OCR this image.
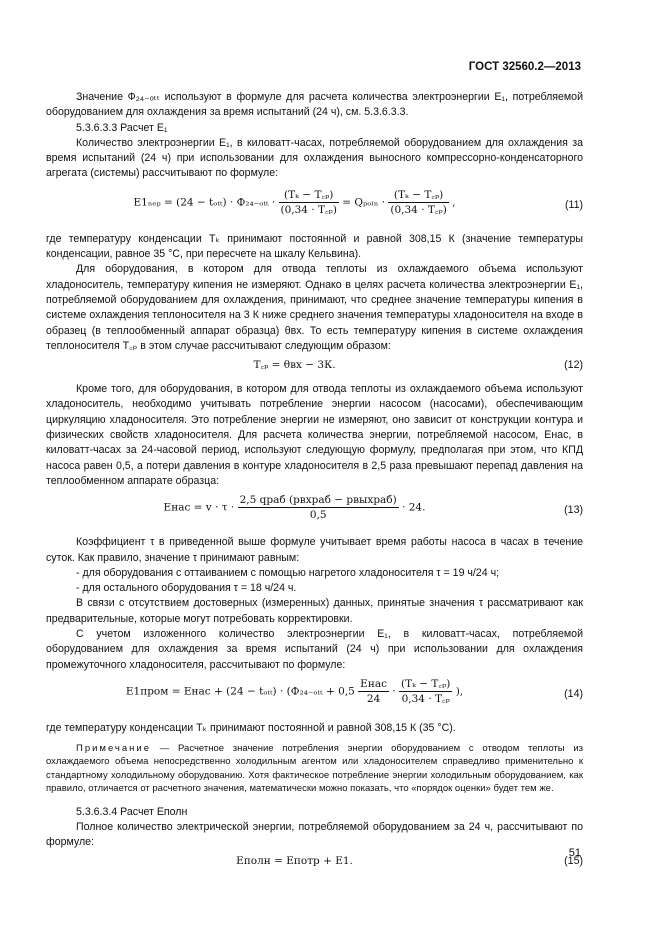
ГОСТ 32560.2—2013

Значение Ф₂₄₋ₒₜₜ используют в формуле для расчета количества электроэнергии E₁, потребляемой оборудованием для охлаждения за время испытаний (24 ч), см. 5.3.6.3.3.

5.3.6.3.3 Расчет E₁

Количество электроэнергии E₁, в киловатт-часах, потребляемой оборудованием для охлаждения за время испытаний (24 ч) при использовании для охлаждения выносного компрессорно-конденсаторного агрегата (системы) рассчитывают по формуле:

$E1_{nep} = (24 - t_{ott}) \cdot Ф_{24-ott} \cdot \frac{\text{(Tₖ − T꜀ₚ)}}{\text{(0,34 · T꜀ₚ)}} = Q_{poln} \cdot \frac{\text{(Tₖ − T꜀ₚ)}}{\text{(0,34 · T꜀ₚ)}}$ ,	(11)

где температуру конденсации Tₖ принимают постоянной и равной 308,15 К (значение температуры конденсации, равное 35 °С, при пересчете на шкалу Кельвина).

Для оборудования, в котором для отвода теплоты из охлаждаемого объема используют хладоноситель, температуру кипения не измеряют. Однако в целях расчета количества электроэнергии E₁, потребляемой оборудованием для охлаждения, принимают, что среднее значение температуры кипения в системе охлаждения теплоносителя на 3 К ниже среднего значения температуры хладоносителя на входе в образец (в теплообменный аппарат образца) θвх. То есть температуру кипения в системе охлаждения теплоносителя T꜀ₚ в этом случае рассчитывают следующим образом:

T꜀ₚ = θвх − 3К.	(12)

Кроме того, для оборудования, в котором для отвода теплоты из охлаждаемого объема используют хладоноситель, необходимо учитывать потребление энергии насосом (насосами), обеспечивающим циркуляцию хладоносителя. Это потребление энергии не измеряют, оно зависит от конструкции контура и физических свойств хладоносителя. Для расчета количества энергии, потребляемой насосом, Eнас, в киловатт-часах за 24-часовой период, используют следующую формулу, предполагая при этом, что КПД насоса равен 0,5, а потери давления в контуре хладоносителя в 2,5 раза превышают перепад давления на теплообменном аппарате образца:

Eнас = $v \cdot \tau \cdot \frac{\text{2,5 qраб (pвхраб − pвыхраб)}}{0,5} \cdot 24$.	(13)

Коэффициент τ в приведенной выше формуле учитывает время работы насоса в часах в течение суток. Как правило, значение τ принимают равным:

- для оборудования с оттаиванием с помощью нагретого хладоносителя τ = 19 ч/24 ч;
- для остального оборудования τ = 18 ч/24 ч.

В связи с отсутствием достоверных (измеренных) данных, принятые значения τ рассматривают как предварительные, которые могут потребовать корректировки.

С учетом изложенного количество электроэнергии E₁, в киловатт-часах, потребляемой оборудованием для охлаждения за время испытаний (24 ч) при использовании для охлаждения промежуточного хладоносителя, рассчитывают по формуле:

E1пром = Eнас + $(24 - t_{ott}) \cdot (Ф_{24-ott} + 0,5 \frac{\text{Eнас}}{24} \cdot \frac{\text{(Tₖ − T꜀ₚ)}}{\text{0,34 · T꜀ₚ}}$ ),	(14)

где температуру конденсации Tₖ принимают постоянной и равной 308,15 К (35 °С).

Примечание — Расчетное значение потребления энергии оборудованием с отводом теплоты из охлаждаемого объема непосредственно холодильным агентом или хладоносителем справедливо применительно к стандартному холодильному оборудованию. Хотя фактическое потребление энергии холодильным оборудованием, как правило, отличается от расчетного значения, математически можно показать, что «порядок оценки» будет тем же.

5.3.6.3.4 Расчет Eполн

Полное количество электрической энергии, потребляемой оборудованием за 24 ч, рассчитывают по формуле:

Eполн = Eпотр + E1.	(15)
51
